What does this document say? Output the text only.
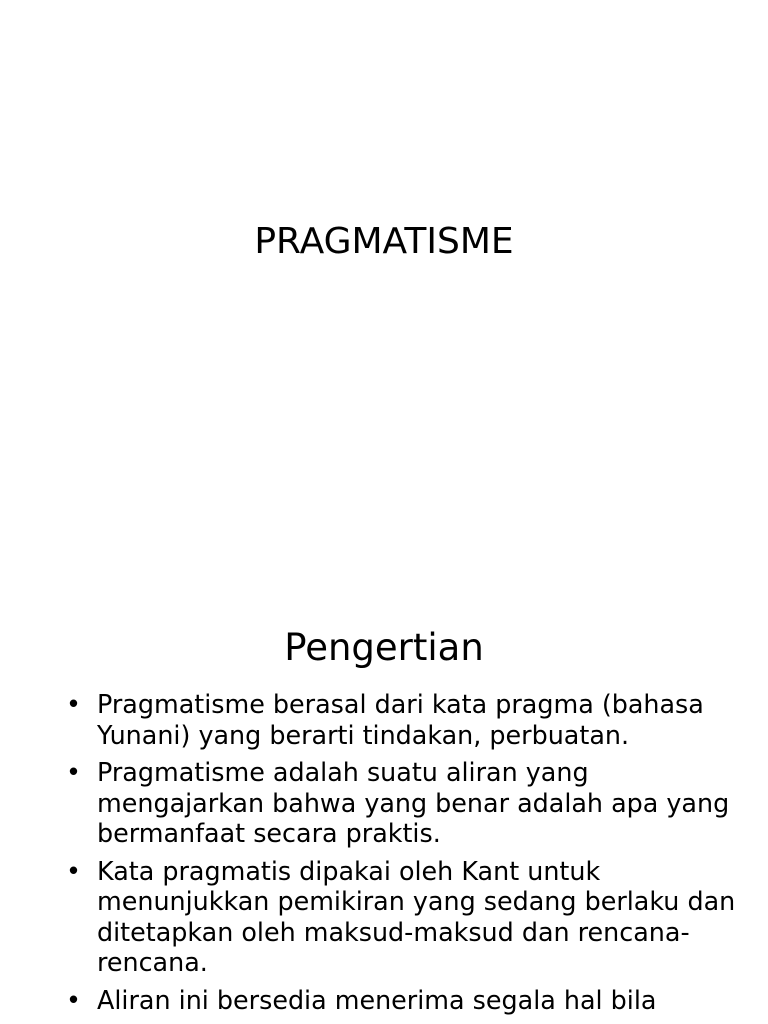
PRAGMATISME
Pengertian
• Pragmatisme berasal dari kata pragma (bahasa Yunani) yang berarti tindakan, perbuatan.
• Pragmatisme adalah suatu aliran yang mengajarkan bahwa yang benar adalah apa yang bermanfaat secara praktis.
• Kata pragmatis dipakai oleh Kant untuk menunjukkan pemikiran yang sedang berlaku dan ditetapkan oleh maksud-maksud dan rencana-rencana.
• Aliran ini bersedia menerima segala hal bila
